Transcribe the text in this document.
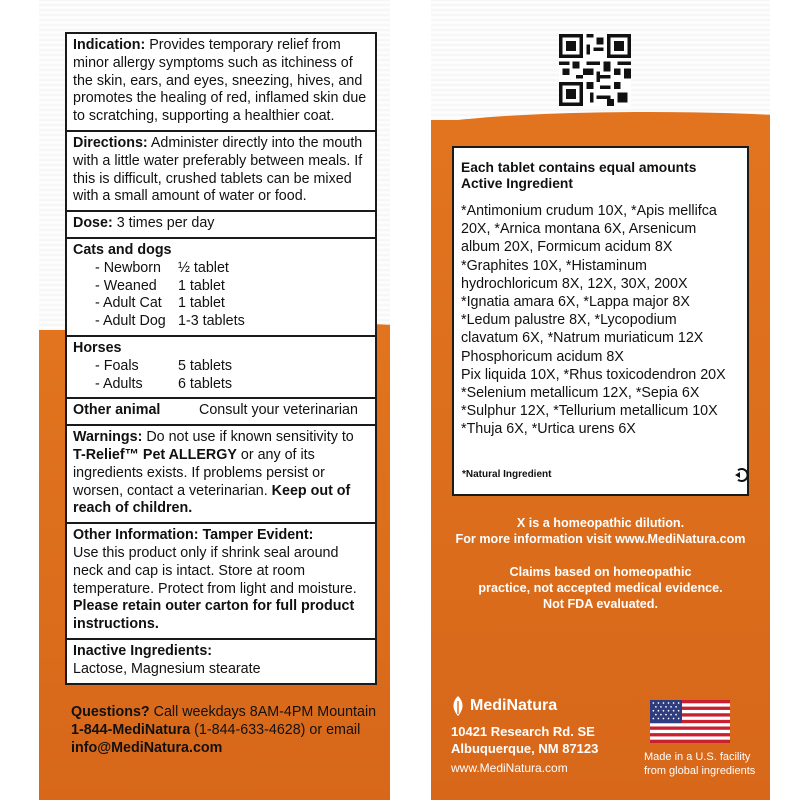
Indication: Provides temporary relief from minor allergy symptoms such as itchiness of the skin, ears, and eyes, sneezing, hives, and promotes the healing of red, inflamed skin due to scratching, supporting a healthier coat.
Directions: Administer directly into the mouth with a little water preferably between meals. If this is difficult, crushed tablets can be mixed with a small amount of water or food.
Dose: 3 times per day
Cats and dogs
- Newborn	½ tablet
- Weaned	1 tablet
- Adult Cat	1 tablet
- Adult Dog 1-3 tablets
Horses
- Foals	5 tablets
- Adults	6 tablets
Other animal	Consult your veterinarian
Warnings: Do not use if known sensitivity to T-Relief™ Pet ALLERGY or any of its ingredients exists. If problems persist or worsen, contact a veterinarian. Keep out of reach of children.
Other Information: Tamper Evident:
Use this product only if shrink seal around neck and cap is intact. Store at room temperature. Protect from light and moisture. Please retain outer carton for full product instructions.
Inactive Ingredients:
Lactose, Magnesium stearate
Questions? Call weekdays 8AM-4PM Mountain 1-844-MediNatura (1-844-633-4628) or email info@MediNatura.com
Each tablet contains equal amounts
Active Ingredient
*Antimonium crudum 10X, *Apis mellifca
20X, *Arnica montana 6X, Arsenicum
album 20X, Formicum acidum 8X
*Graphites 10X, *Histaminum
hydrochloricum 8X, 12X, 30X, 200X
*Ignatia amara 6X, *Lappa major 8X
*Ledum palustre 8X, *Lycopodium
clavatum 6X, *Natrum muriaticum 12X
Phosphoricum acidum 8X
Pix liquida 10X, *Rhus toxicodendron 20X
*Selenium metallicum 12X, *Sepia 6X
*Sulphur 12X, *Tellurium metallicum 10X
*Thuja 6X, *Urtica urens 6X
*Natural Ingredient
X is a homeopathic dilution.
For more information visit www.MediNatura.com
Claims based on homeopathic
practice, not accepted medical evidence.
Not FDA evaluated.
MediNatura
10421 Research Rd. SE
Albuquerque, NM 87123
www.MediNatura.com
Made in a U.S. facility
from global ingredients
